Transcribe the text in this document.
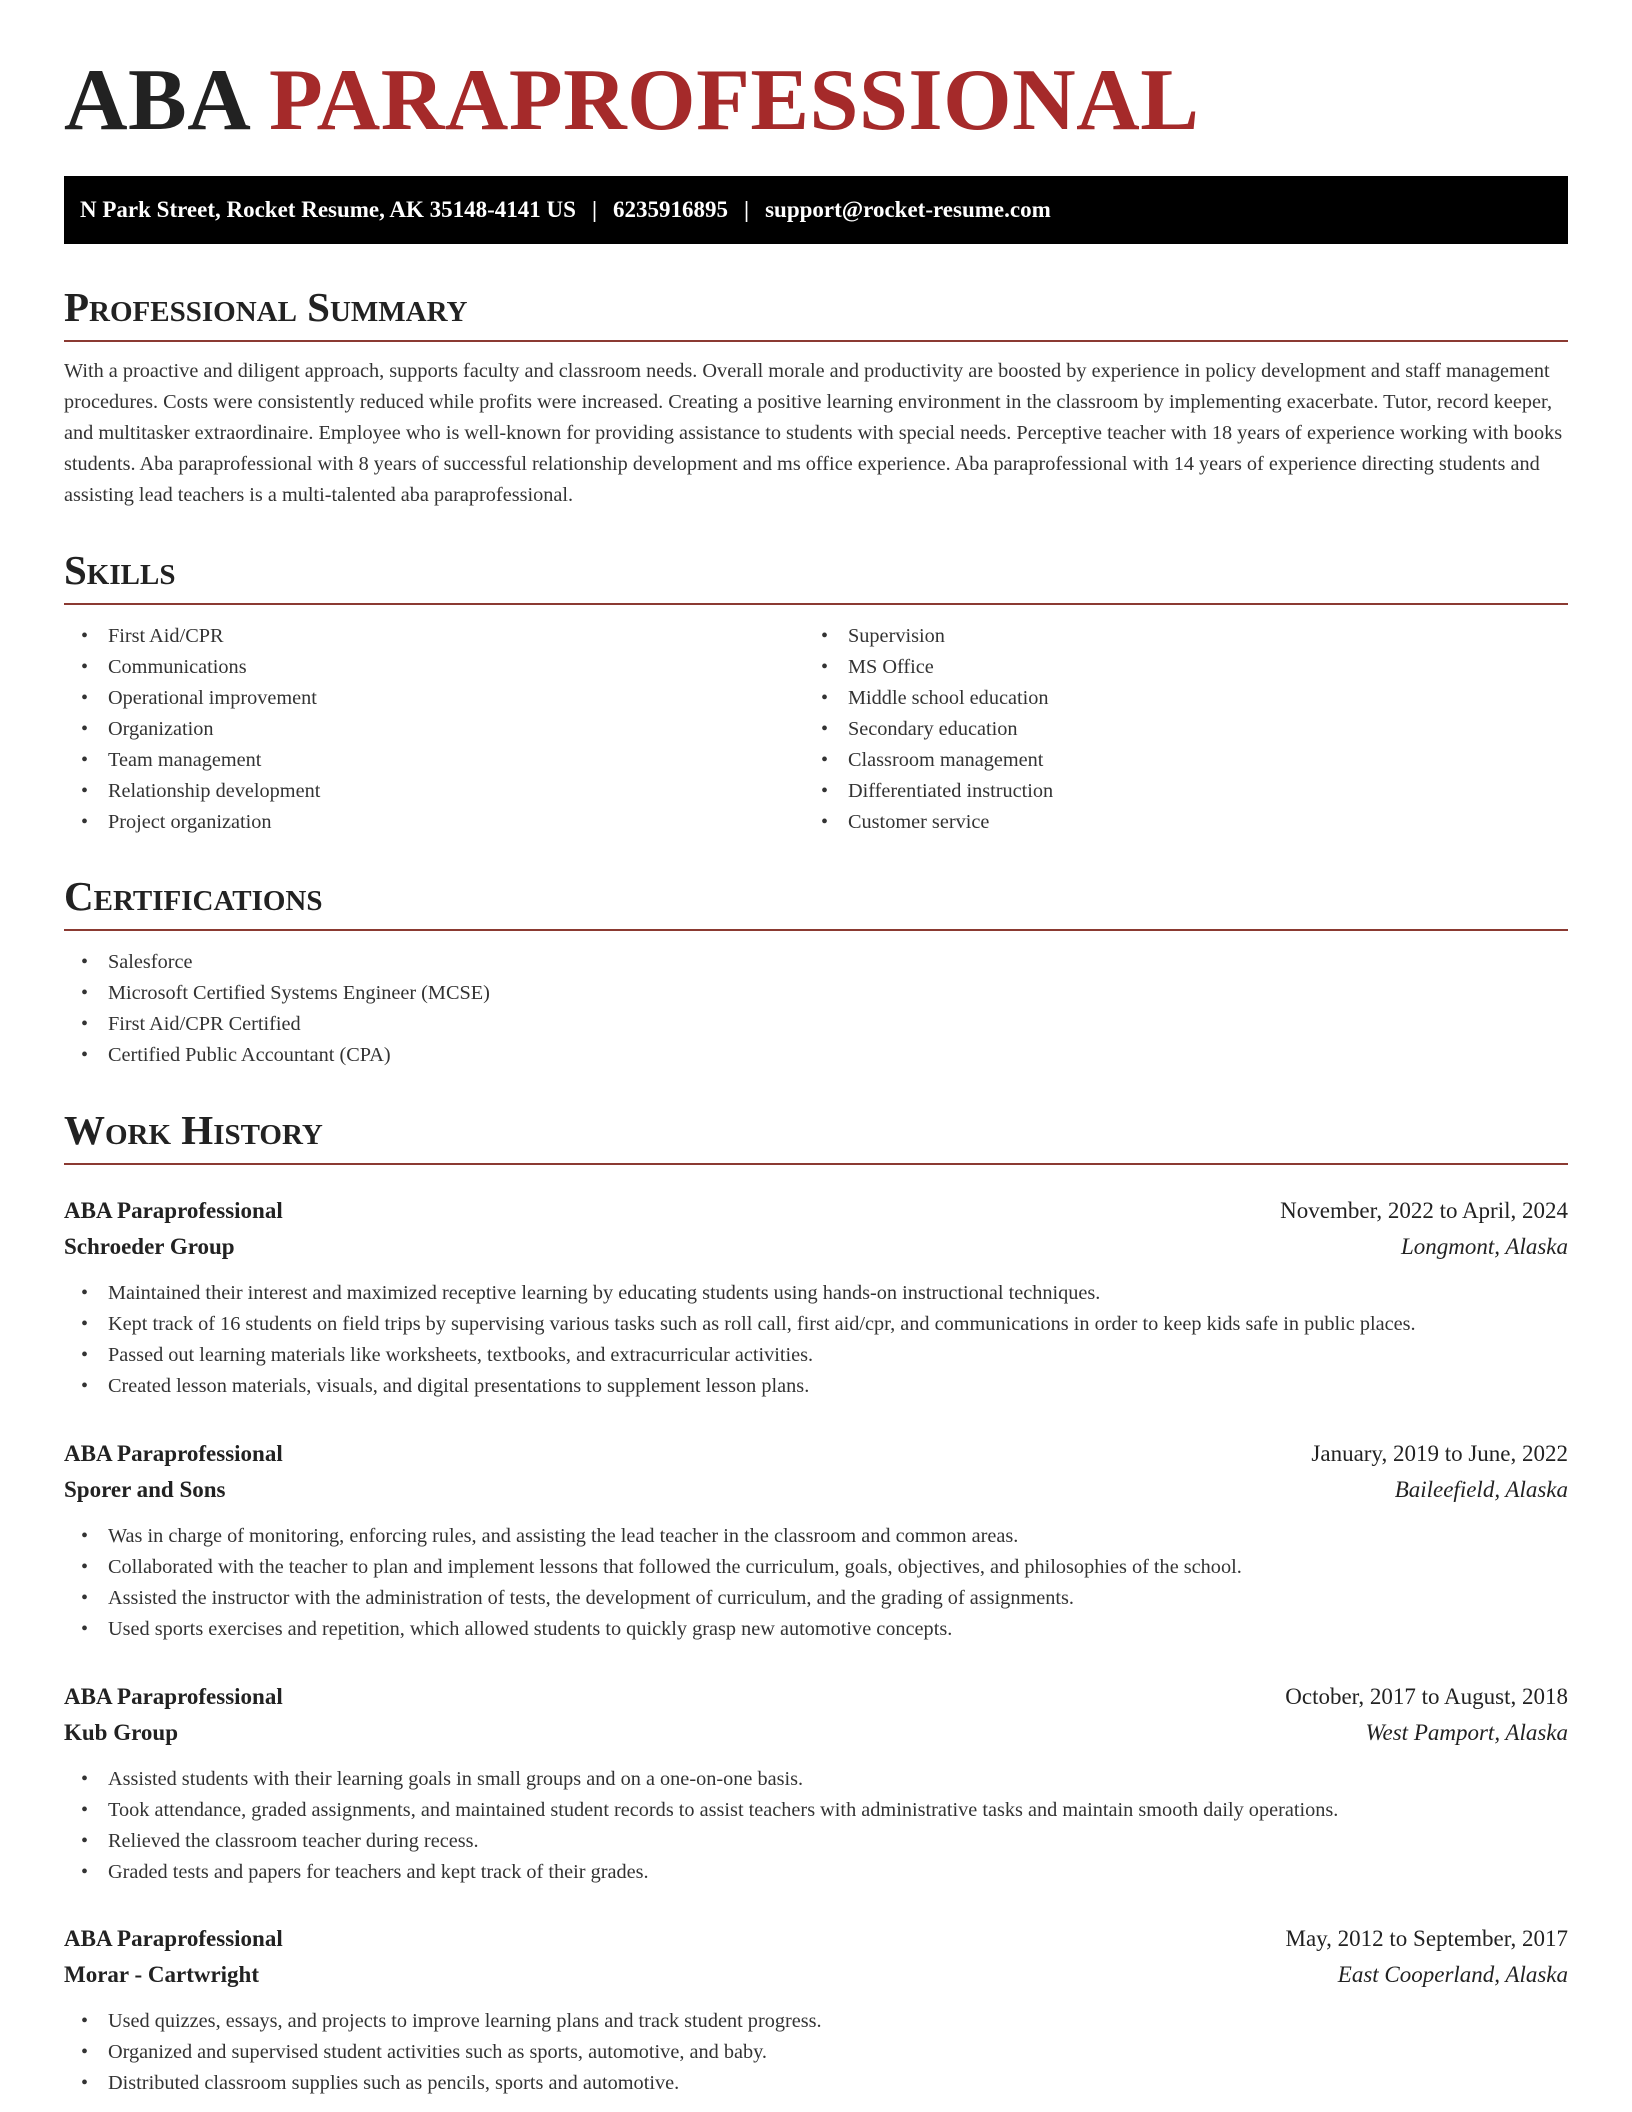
ABA PARAPROFESSIONAL
N Park Street, Rocket Resume, AK 35148-4141 US | 6235916895 | support@rocket-resume.com
Professional Summary

With a proactive and diligent approach, supports faculty and classroom needs. Overall morale and productivity are boosted by experience in policy development and staff management procedures. Costs were consistently reduced while profits were increased. Creating a positive learning environment in the classroom by implementing exacerbate. Tutor, record keeper, and multitasker extraordinaire. Employee who is well-known for providing assistance to students with special needs. Perceptive teacher with 18 years of experience working with books students. Aba paraprofessional with 8 years of successful relationship development and ms office experience. Aba paraprofessional with 14 years of experience directing students and assisting lead teachers is a multi-talented aba paraprofessional.

Skills
• First Aid/CPR
• Communications
• Operational improvement
• Organization
• Team management
• Relationship development
• Project organization
• Supervision
• MS Office
• Middle school education
• Secondary education
• Classroom management
• Differentiated instruction
• Customer service
Certifications
• Salesforce
• Microsoft Certified Systems Engineer (MCSE)
• First Aid/CPR Certified
• Certified Public Accountant (CPA)
Work History
ABA Paraprofessional	November, 2022 to April, 2024
Schroeder Group	Longmont, Alaska
• Maintained their interest and maximized receptive learning by educating students using hands-on instructional techniques.
• Kept track of 16 students on field trips by supervising various tasks such as roll call, first aid/cpr, and communications in order to keep kids safe in public places.
• Passed out learning materials like worksheets, textbooks, and extracurricular activities.
• Created lesson materials, visuals, and digital presentations to supplement lesson plans.
ABA Paraprofessional	January, 2019 to June, 2022
Sporer and Sons	Baileefield, Alaska
• Was in charge of monitoring, enforcing rules, and assisting the lead teacher in the classroom and common areas.
• Collaborated with the teacher to plan and implement lessons that followed the curriculum, goals, objectives, and philosophies of the school.
• Assisted the instructor with the administration of tests, the development of curriculum, and the grading of assignments.
• Used sports exercises and repetition, which allowed students to quickly grasp new automotive concepts.
ABA Paraprofessional	October, 2017 to August, 2018
Kub Group	West Pamport, Alaska
• Assisted students with their learning goals in small groups and on a one-on-one basis.
• Took attendance, graded assignments, and maintained student records to assist teachers with administrative tasks and maintain smooth daily operations.
• Relieved the classroom teacher during recess.
• Graded tests and papers for teachers and kept track of their grades.
ABA Paraprofessional	May, 2012 to September, 2017
Morar - Cartwright	East Cooperland, Alaska
• Used quizzes, essays, and projects to improve learning plans and track student progress.
• Organized and supervised student activities such as sports, automotive, and baby.
• Distributed classroom supplies such as pencils, sports and automotive.
